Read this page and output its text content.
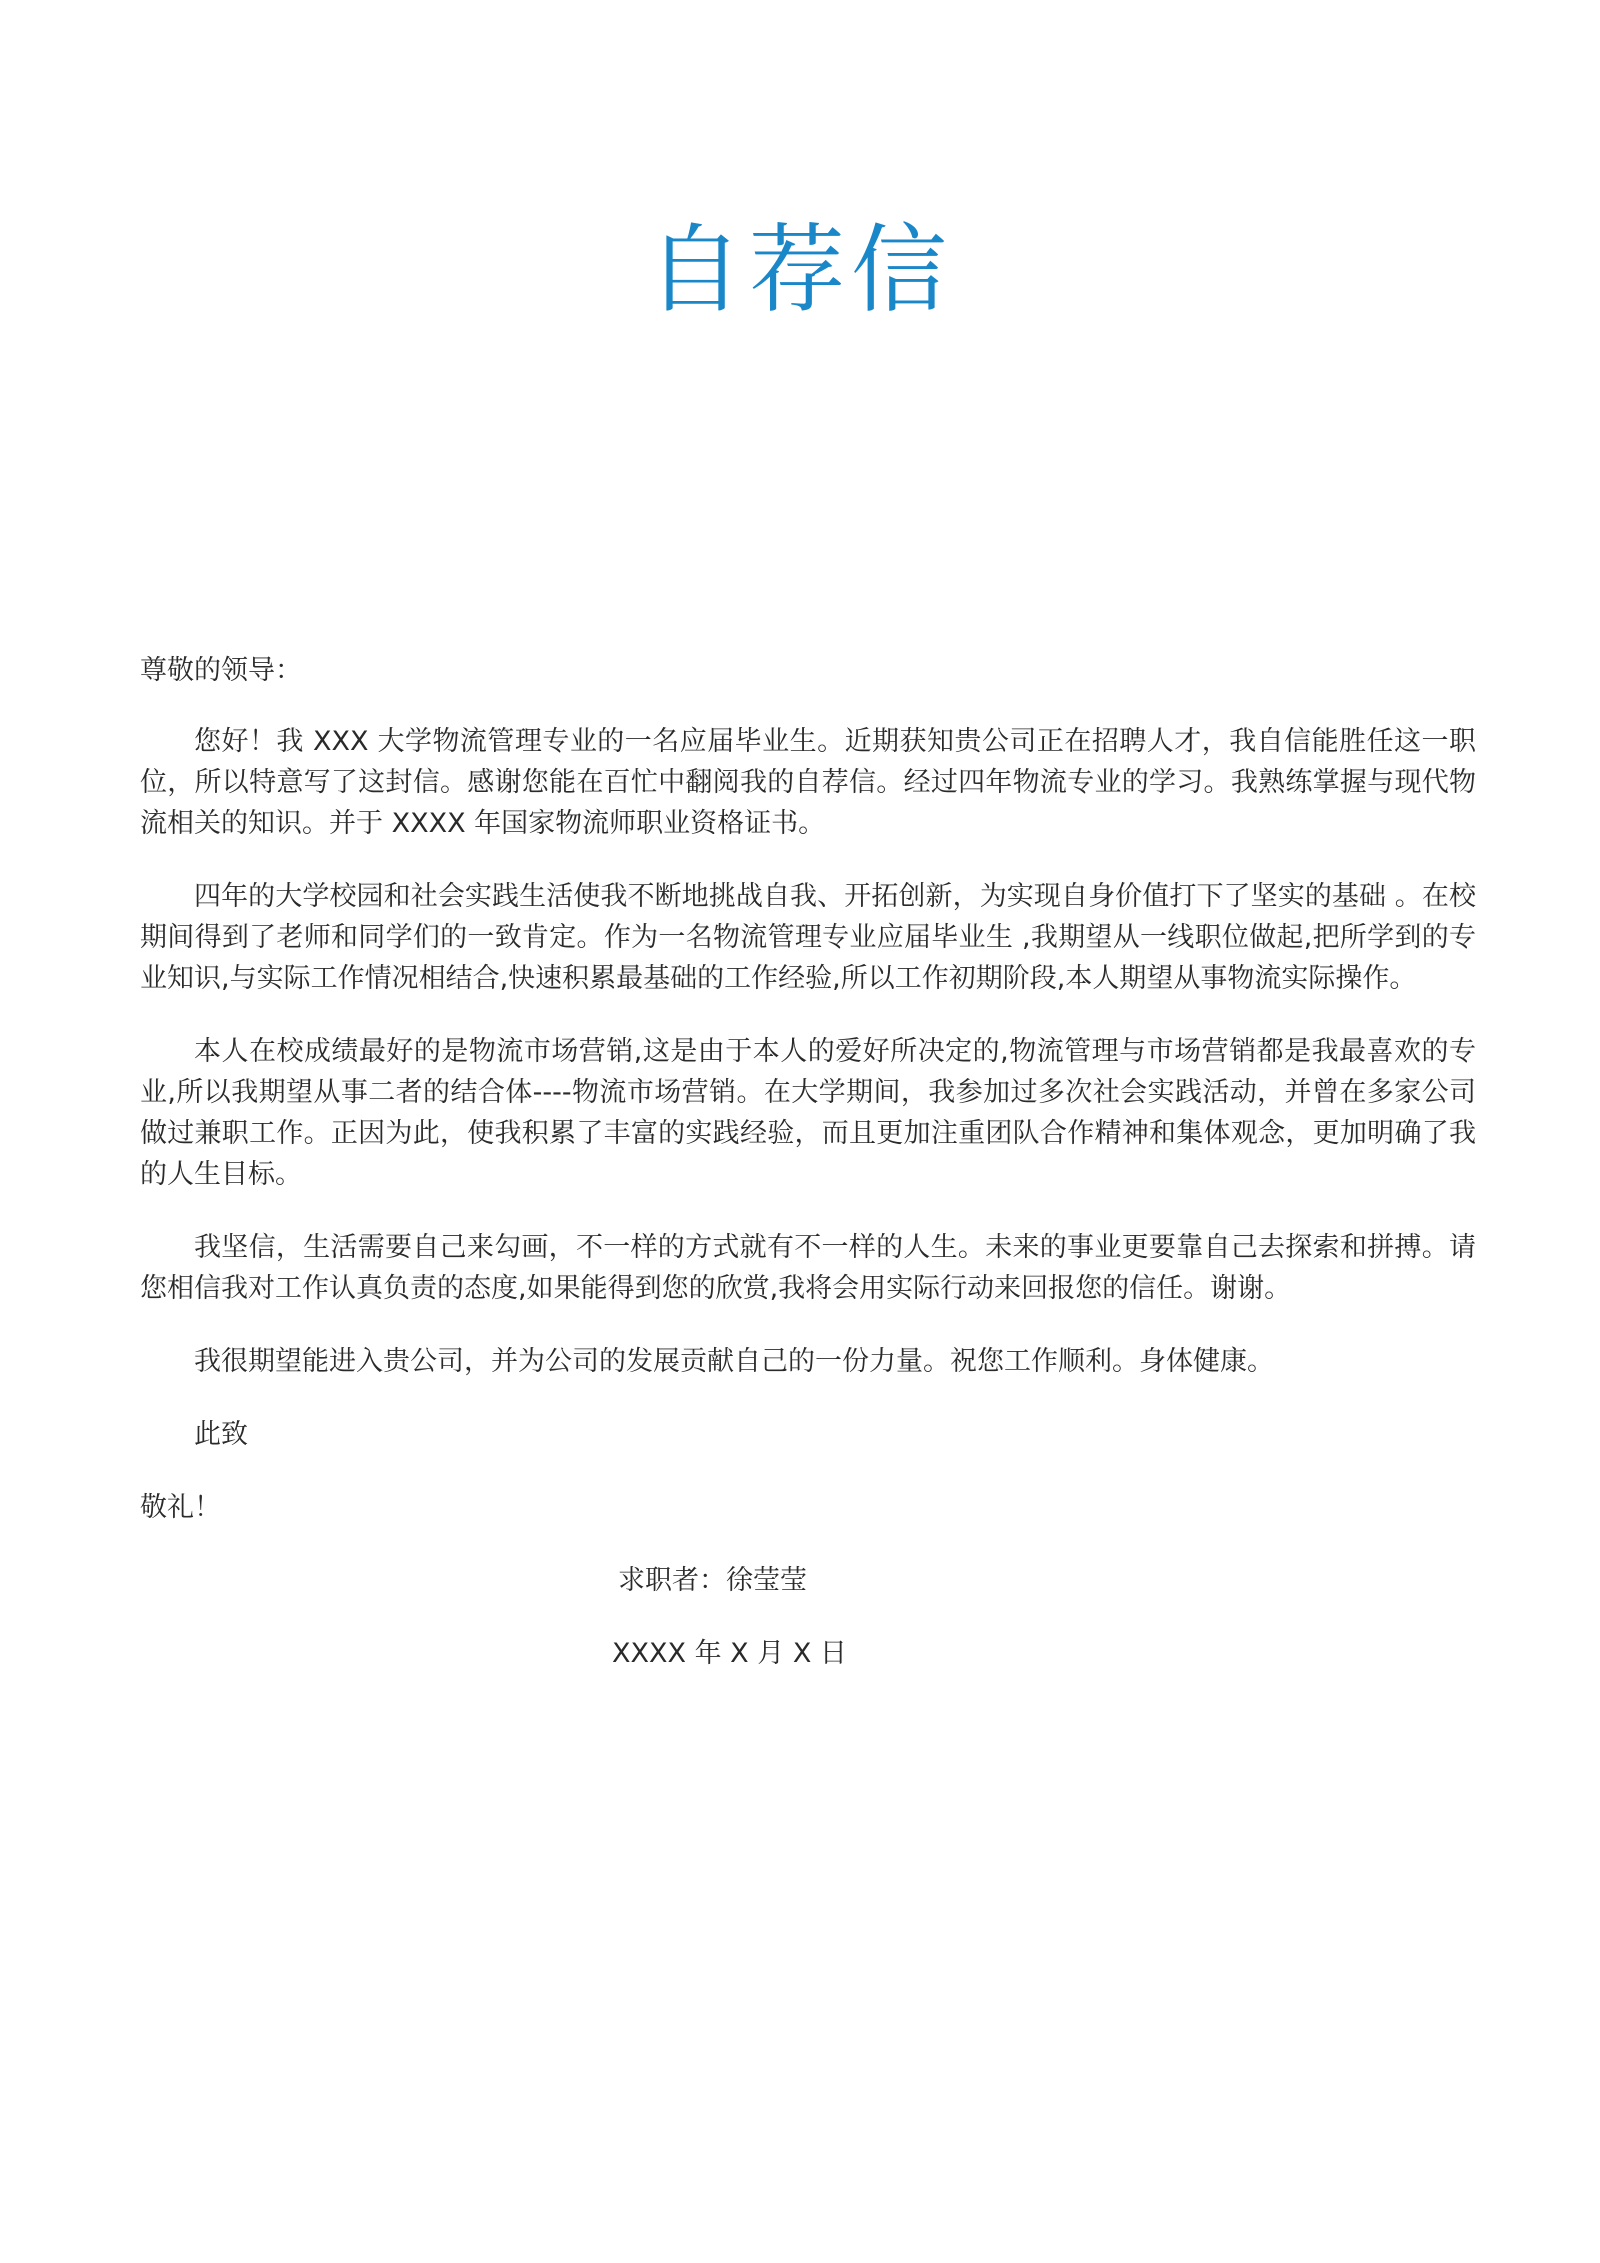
自荐信

尊敬的领导：

您好！我 XXX 大学物流管理专业的一名应届毕业生。近期获知贵公司正在招聘人才，我自信能胜任这一职位，所以特意写了这封信。感谢您能在百忙中翻阅我的自荐信。经过四年物流专业的学习。我熟练掌握与现代物流相关的知识。并于 XXXX 年国家物流师职业资格证书。

四年的大学校园和社会实践生活使我不断地挑战自我、开拓创新，为实现自身价值打下了坚实的基础 。在校期间得到了老师和同学们的一致肯定。作为一名物流管理专业应届毕业生 ,我期望从一线职位做起,把所学到的专业知识,与实际工作情况相结合,快速积累最基础的工作经验,所以工作初期阶段,本人期望从事物流实际操作。

本人在校成绩最好的是物流市场营销,这是由于本人的爱好所决定的,物流管理与市场营销都是我最喜欢的专业,所以我期望从事二者的结合体----物流市场营销。在大学期间，我参加过多次社会实践活动，并曾在多家公司做过兼职工作。正因为此，使我积累了丰富的实践经验，而且更加注重团队合作精神和集体观念，更加明确了我的人生目标。

我坚信，生活需要自己来勾画，不一样的方式就有不一样的人生。未来的事业更要靠自己去探索和拼搏。请您相信我对工作认真负责的态度,如果能得到您的欣赏,我将会用实际行动来回报您的信任。谢谢。

我很期望能进入贵公司，并为公司的发展贡献自己的一份力量。祝您工作顺利。身体健康。

此致

敬礼！

求职者：徐莹莹

XXXX 年 X 月 X 日
